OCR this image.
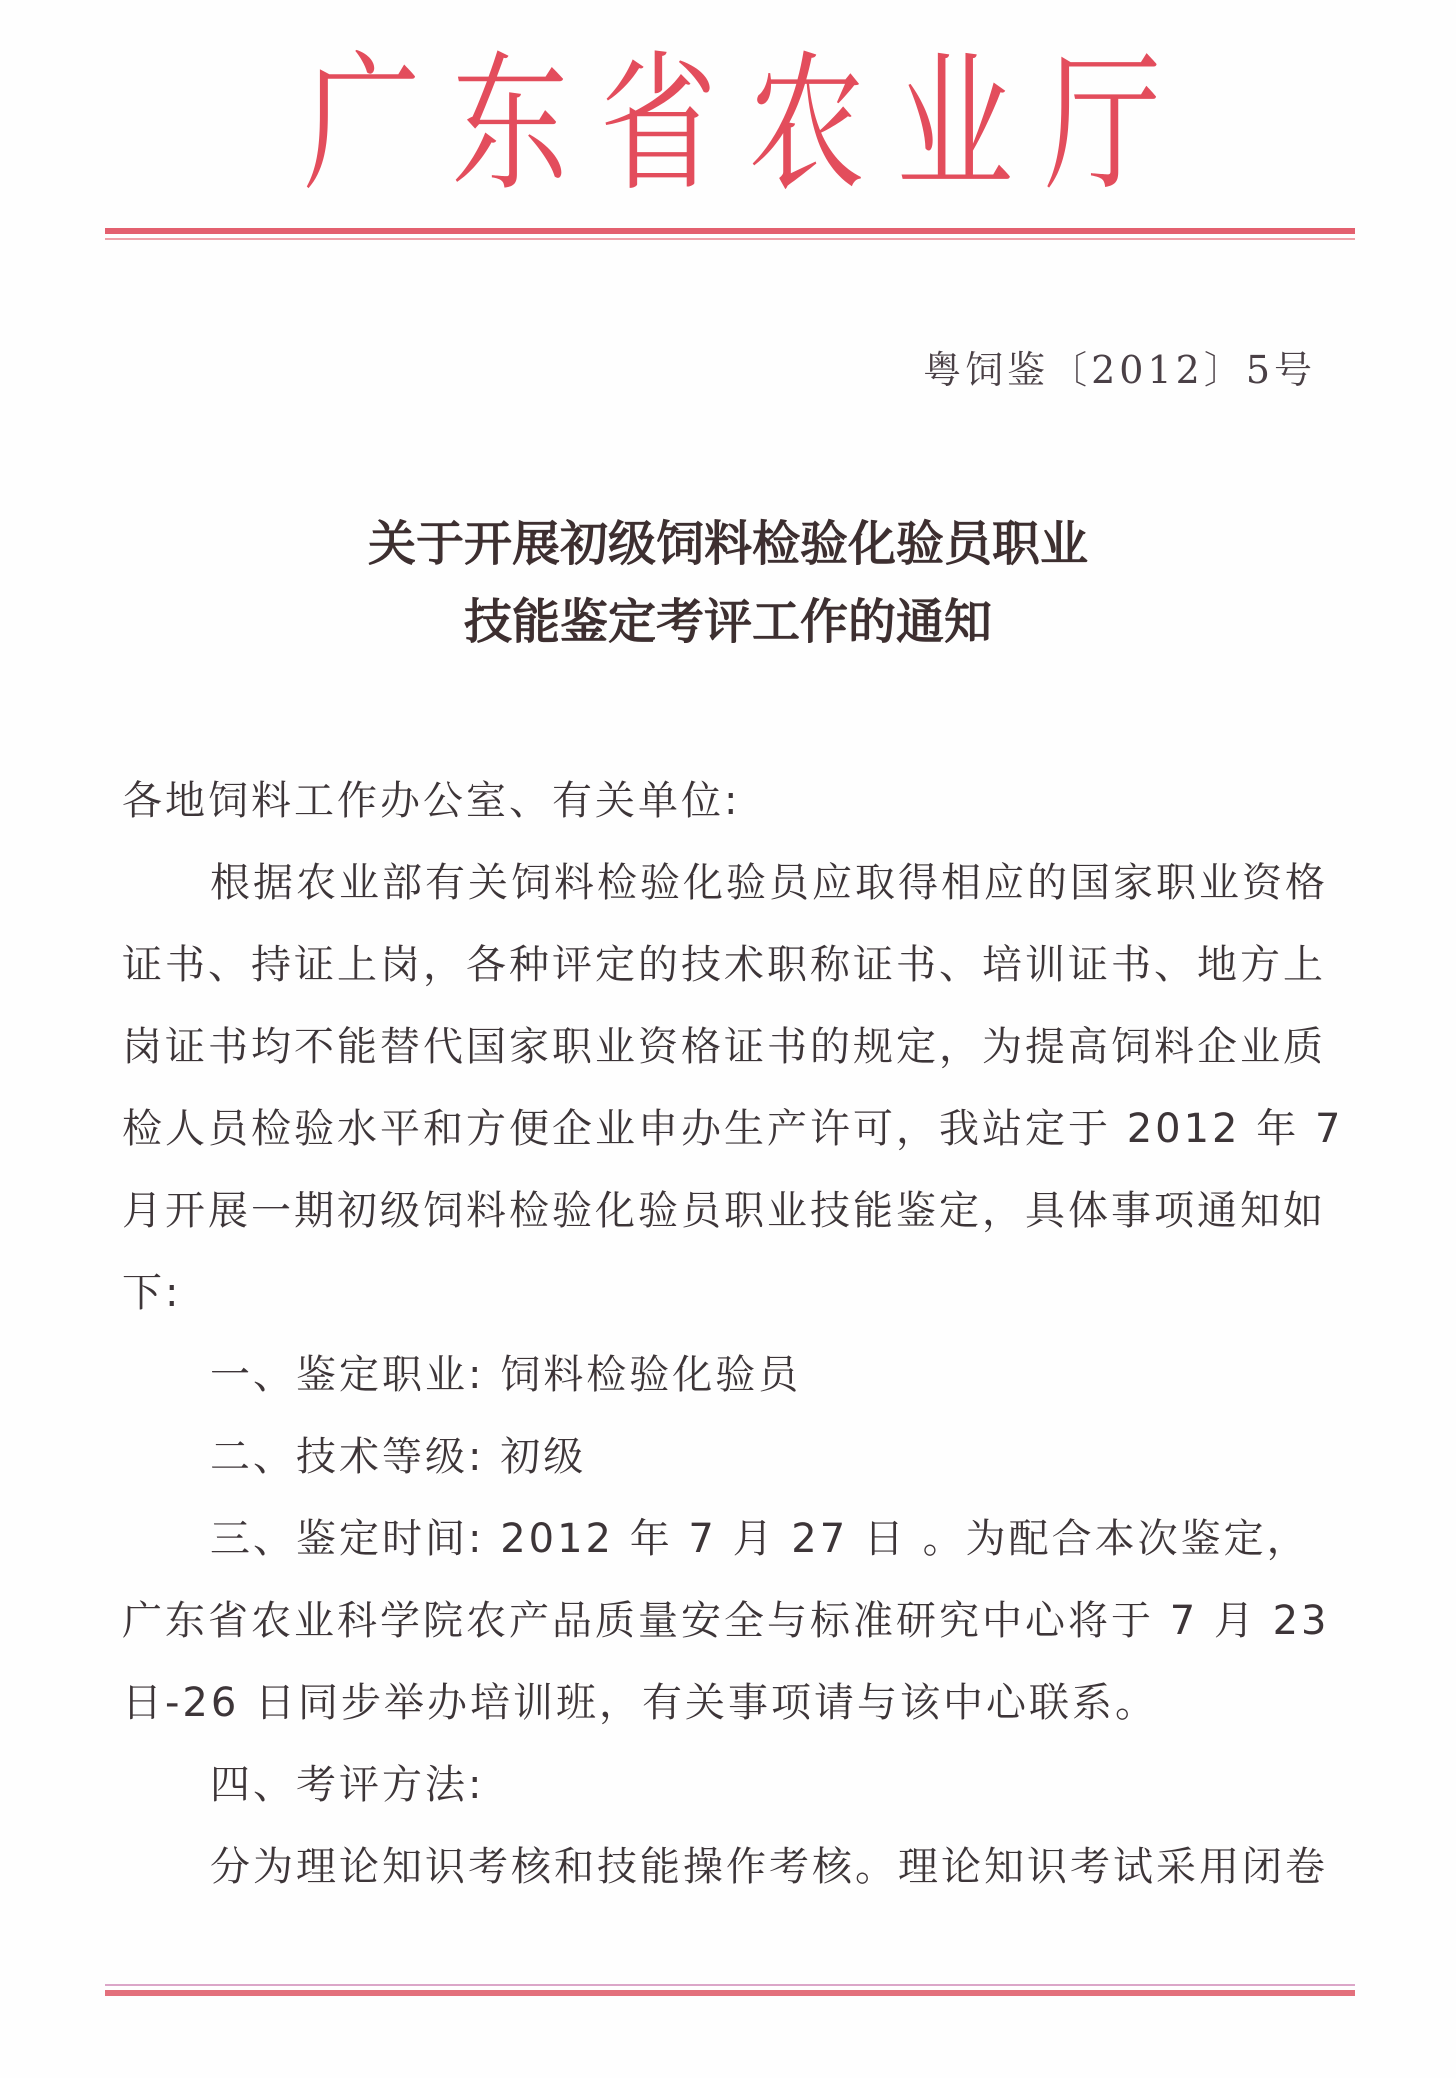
广东省农业厅
粤饲鉴〔2012〕5号
关于开展初级饲料检验化验员职业
技能鉴定考评工作的通知

各地饲料工作办公室、有关单位:

根据农业部有关饲料检验化验员应取得相应的国家职业资格证书、持证上岗，各种评定的技术职称证书、培训证书、地方上岗证书均不能替代国家职业资格证书的规定，为提高饲料企业质检人员检验水平和方便企业申办生产许可，我站定于 2012 年 7 月开展一期初级饲料检验化验员职业技能鉴定，具体事项通知如下:

一、鉴定职业: 饲料检验化验员

二、技术等级: 初级

三、鉴定时间: 2012 年 7 月 27 日 。为配合本次鉴定，广东省农业科学院农产品质量安全与标准研究中心将于 7 月 23 日-26 日同步举办培训班，有关事项请与该中心联系。

四、考评方法:

分为理论知识考核和技能操作考核。理论知识考试采用闭卷
